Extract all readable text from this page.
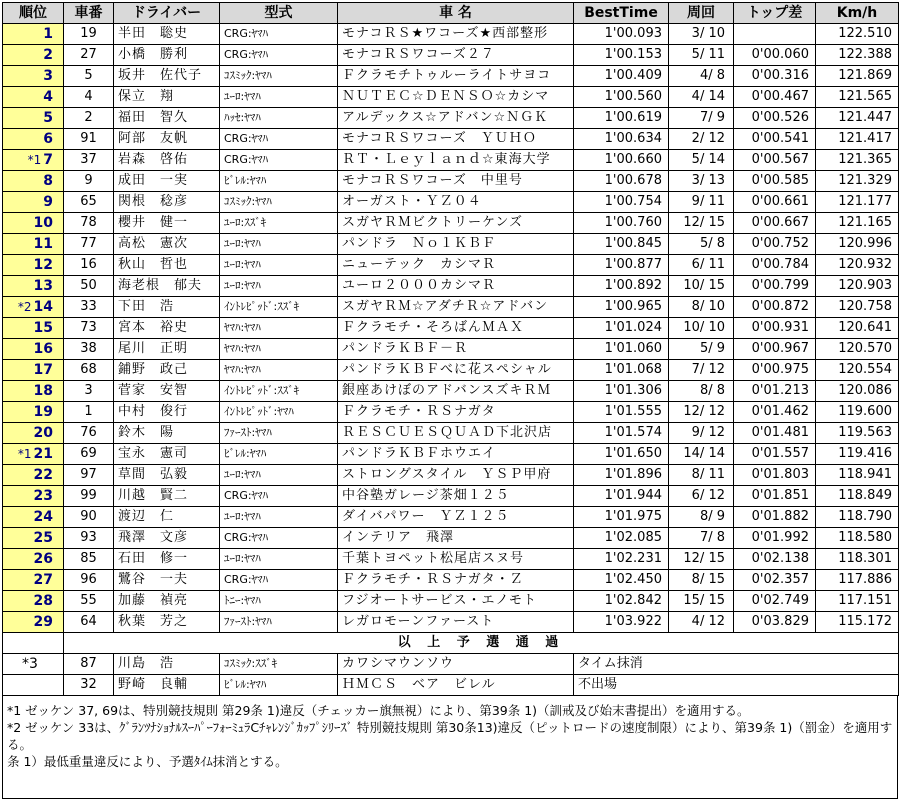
順位	車番	ドライバー	型式	車 名	BestTime	周回	トップ差	Km/h
1	19	半田　聡史	CRG:ﾔﾏﾊ	モナコＲＳ★ワコーズ★西部整形	1'00.093	3/ 10		122.510
2	27	小橋　勝利	CRG:ﾔﾏﾊ	モナコＲＳワコーズ２７	1'00.153	5/ 11	0'00.060	122.388
3	5	坂井　佐代子	ｺｽﾐｯｸ:ﾔﾏﾊ	Ｆクラモチトゥルーライトサヨコ	1'00.409	4/ 8	0'00.316	121.869
4	4	保立　翔	ﾕｰﾛ:ﾔﾏﾊ	ＮＵＴＥＣ☆ＤＥＮＳＯ☆カシマ	1'00.560	4/ 14	0'00.467	121.565
5	2	福田　智久	ﾊｯｾ:ﾔﾏﾊ	アルデックス☆アドバン☆ＮＧＫ	1'00.619	7/ 9	0'00.526	121.447
6	91	阿部　友帆	CRG:ﾔﾏﾊ	モナコＲＳワコーズ　ＹＵＨＯ	1'00.634	2/ 12	0'00.541	121.417
*1 7	37	岩森　啓佑	CRG:ﾔﾏﾊ	ＲＴ・Ｌｅｙｌａｎｄ☆東海大学	1'00.660	5/ 14	0'00.567	121.365
8	9	成田　一実	ﾋﾞﾚﾙ:ﾔﾏﾊ	モナコＲＳワコーズ　中里号	1'00.678	3/ 13	0'00.585	121.329
9	65	関根　稔彦	ｺｽﾐｯｸ:ﾔﾏﾊ	オーガスト・ＹＺ０４	1'00.754	9/ 11	0'00.661	121.177
10	78	櫻井　健一	ﾕｰﾛ:ｽｽﾞｷ	スガヤＲＭビクトリーケンズ	1'00.760	12/ 15	0'00.667	121.165
11	77	高松　憲次	ﾕｰﾛ:ﾔﾏﾊ	パンドラ　Ｎｏ１ＫＢＦ	1'00.845	5/ 8	0'00.752	120.996
12	16	秋山　哲也	ﾕｰﾛ:ﾔﾏﾊ	ニューテック　カシマＲ	1'00.877	6/ 11	0'00.784	120.932
13	50	海老根　郁夫	ﾕｰﾛ:ﾔﾏﾊ	ユーロ２０００カシマＲ	1'00.892	10/ 15	0'00.799	120.903
*2 14	33	下田　浩	ｲﾝﾄﾚﾋﾟｯﾄﾞ:ｽｽﾞｷ	スガヤＲＭ☆アダチＲ☆アドバン	1'00.965	8/ 10	0'00.872	120.758
15	73	宮本　裕史	ﾔﾏﾊ:ﾔﾏﾊ	Ｆクラモチ・そろばんＭＡＸ	1'01.024	10/ 10	0'00.931	120.641
16	38	尾川　正明	ﾔﾏﾊ:ﾔﾏﾊ	パンドラＫＢＦ－Ｒ	1'01.060	5/ 9	0'00.967	120.570
17	68	鋪野　政己	ﾔﾏﾊ:ﾔﾏﾊ	パンドラＫＢＦべに花スペシャル	1'01.068	7/ 12	0'00.975	120.554
18	3	菅家　安智	ｲﾝﾄﾚﾋﾟｯﾄﾞ:ｽｽﾞｷ	銀座あけぼのアドバンスズキＲＭ	1'01.306	8/ 8	0'01.213	120.086
19	1	中村　俊行	ｲﾝﾄﾚﾋﾟｯﾄﾞ:ﾔﾏﾊ	Ｆクラモチ・ＲＳナガタ	1'01.555	12/ 12	0'01.462	119.600
20	76	鈴木　陽	ﾌｧｰｽﾄ:ﾔﾏﾊ	ＲＥＳＣＵＥＳＱＵＡＤ下北沢店	1'01.574	9/ 12	0'01.481	119.563
*1 21	69	宝永　憲司	ﾋﾞﾚﾙ:ﾔﾏﾊ	パンドラＫＢＦホウエイ	1'01.650	14/ 14	0'01.557	119.416
22	97	草間　弘毅	ﾕｰﾛ:ﾔﾏﾊ	ストロングスタイル　ＹＳＰ甲府	1'01.896	8/ 11	0'01.803	118.941
23	99	川越　賢二	CRG:ﾔﾏﾊ	中谷塾ガレージ茶畑１２５	1'01.944	6/ 12	0'01.851	118.849
24	90	渡辺　仁	ﾕｰﾛ:ﾔﾏﾊ	ダイバパワー　ＹＺ１２５	1'01.975	8/ 9	0'01.882	118.790
25	93	飛澤　文彦	CRG:ﾔﾏﾊ	インテリア　飛澤	1'02.085	7/ 8	0'01.992	118.580
26	85	石田　修一	ﾕｰﾛ:ﾔﾏﾊ	千葉トヨペット松尾店スヌ号	1'02.231	12/ 15	0'02.138	118.301
27	96	鷺谷　一夫	CRG:ﾔﾏﾊ	Ｆクラモチ・ＲＳナガタ・Ｚ	1'02.450	8/ 15	0'02.357	117.886
28	55	加藤　禎亮	ﾄﾆｰ:ﾔﾏﾊ	フジオートサービス・エノモト	1'02.842	15/ 15	0'02.749	117.151
29	64	秋葉　芳之	ﾌｧｰｽﾄ:ﾔﾏﾊ	レガロモーンファースト	1'03.922	4/ 12	0'03.829	115.172
	以 上 予 選 通 過							
*3	87	川島　浩	ｺｽﾐｯｸ:ｽｽﾞｷ	カワシマウンソウ	タイム抹消			
	32	野崎　良輔	ﾋﾞﾚﾙ:ﾔﾏﾊ	ＨＭＣＳ　ベア　ビレル	不出場			
*1 ゼッケン 37, 69は、特別競技規則 第29条 1)違反（チェッカー旗無視）により、第39条 1)（訓戒及び始末書提出）を適用する。
*2 ゼッケン 33は、ｸﾞﾗﾝﾂﾅｼｮﾅﾙｽｰﾊﾟｰﾌｫｰﾐｭﾗCﾁｬﾚﾝｼﾞｶｯﾌﾟｼﾘｰｽﾞ 特別競技規則 第30条13)違反（ピットロードの速度制限）により、第39条 1)（罰金）を適用する。
条 1）最低重量違反により、予選ﾀｲﾑ抹消とする。
